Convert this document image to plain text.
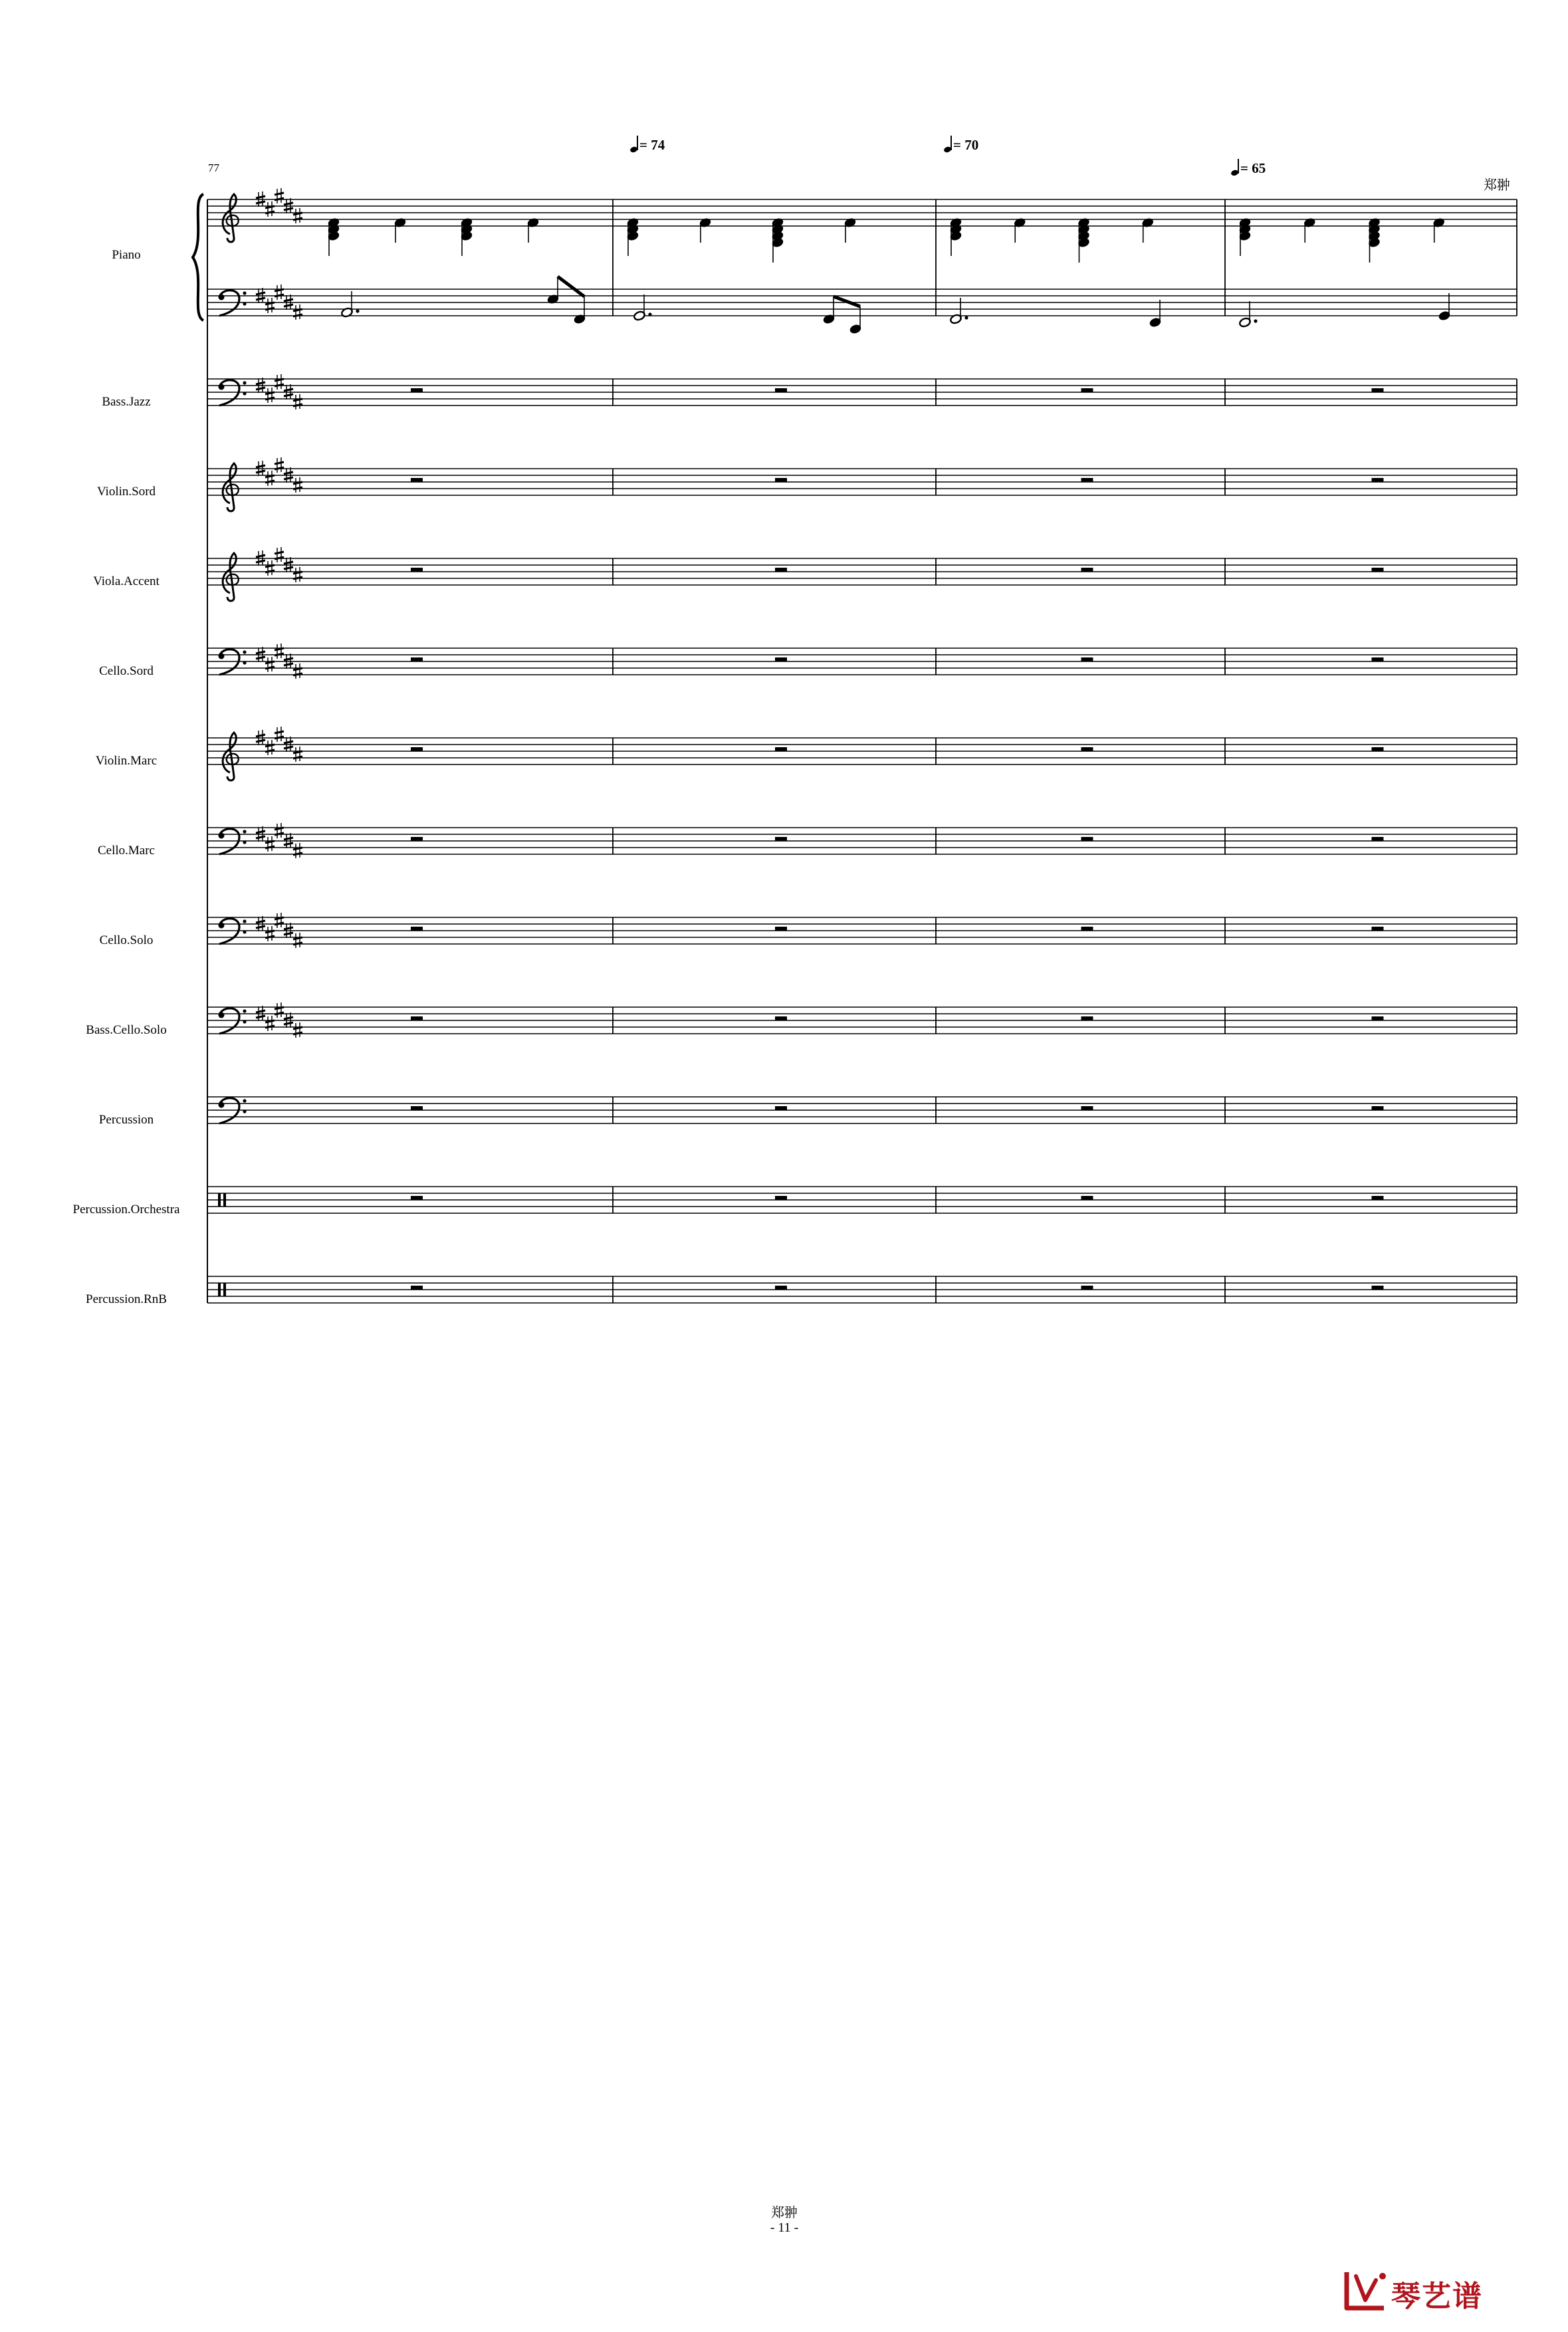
77
郑翀
= 74	= 70
= 65
Piano
Bass.Jazz
Violin.Sord
Viola.Accent
Cello.Sord
Violin.Marc
Cello.Marc
Cello.Solo
Bass.Cello.Solo
Percussion
Percussion.Orchestra
Percussion.RnB
郑翀
- 11 -
琴艺谱
